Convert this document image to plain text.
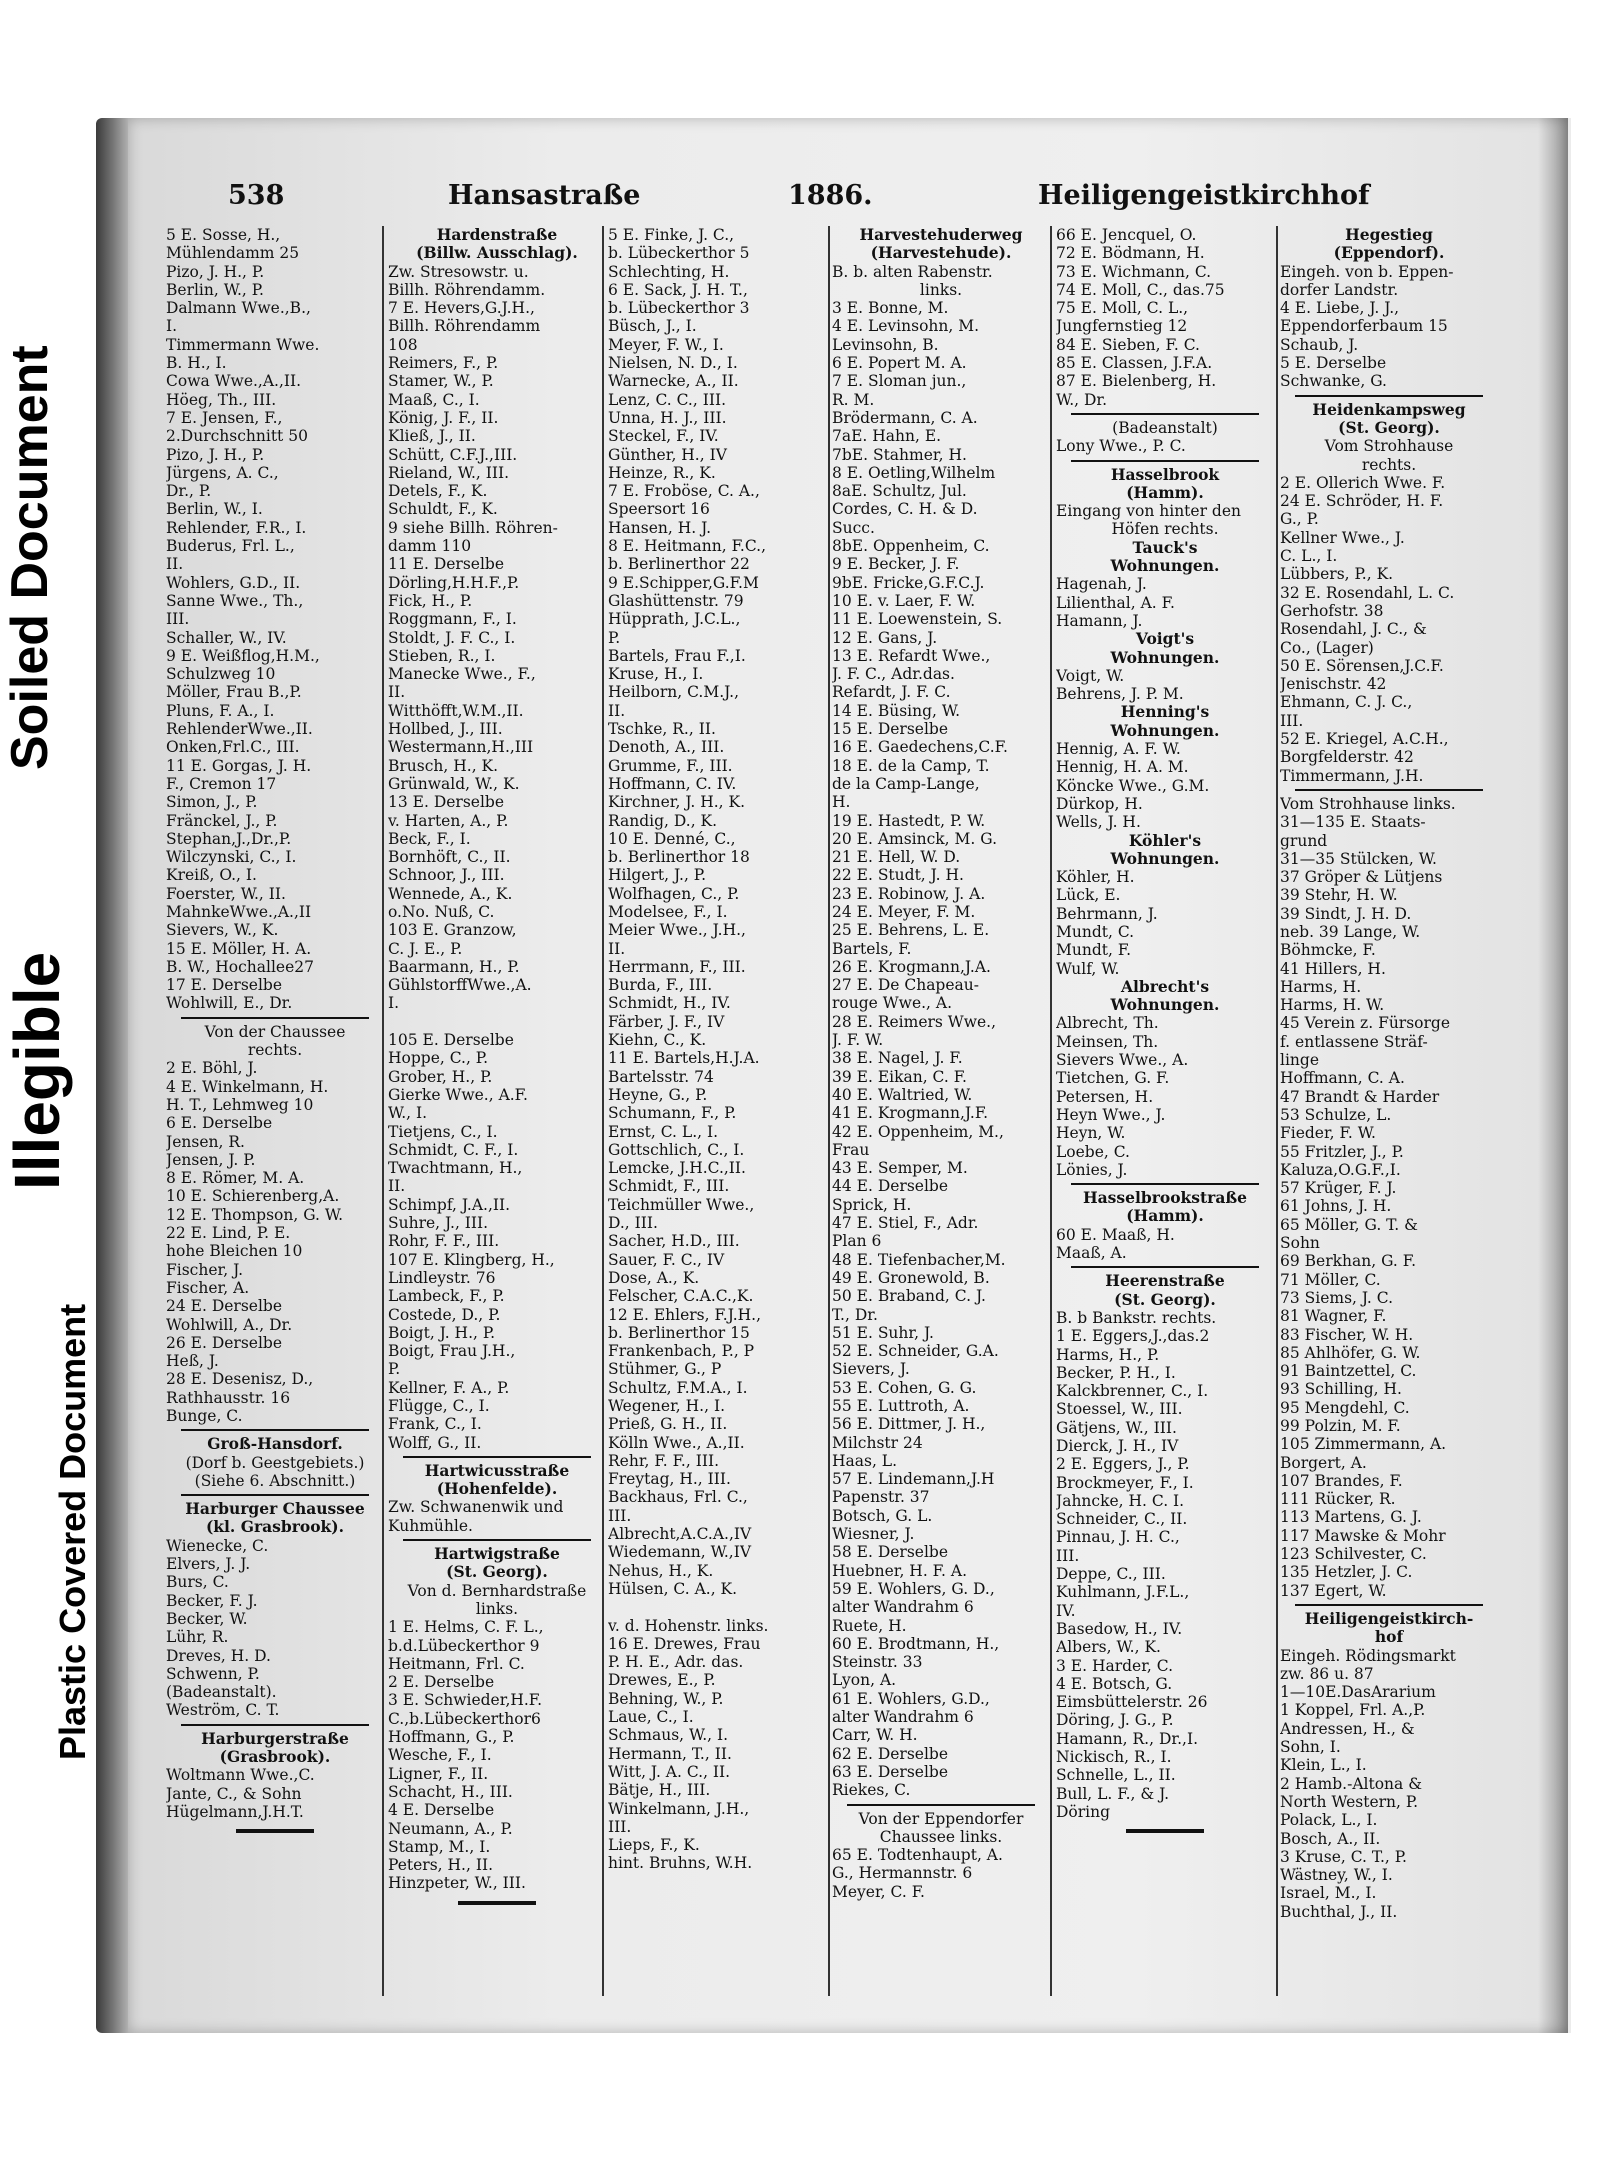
Soiled Document
Illegible
Plastic Covered Document
538	Hansastraße	1886.	Heiligengeistkirchhof
5 E. Sosse, H.,
Mühlendamm 25
Pizo, J. H., P.
Berlin, W., P.
Dalmann Wwe.,B.,
I.
Timmermann Wwe.
B. H., I.
Cowa Wwe.,A.,II.
Höeg, Th., III.
7 E. Jensen, F.,
2.Durchschnitt 50
Pizo, J. H., P.
Jürgens, A. C.,
Dr., P.
Berlin, W., I.
Rehlender, F.R., I.
Buderus, Frl. L.,
II.
Wohlers, G.D., II.
Sanne Wwe., Th.,
III.
Schaller, W., IV.
9 E. Weißflog,H.M.,
Schulzweg 10
Möller, Frau B.,P.
Pluns, F. A., I.
RehlenderWwe.,II.
Onken,Frl.C., III.
11 E. Gorgas, J. H.
F., Cremon 17
Simon, J., P.
Fränckel, J., P.
Stephan,J.,Dr.,P.
Wilczynski, C., I.
Kreiß, O., I.
Foerster, W., II.
MahnkeWwe.,A.,II
Sievers, W., K.
15 E. Möller, H. A.
B. W., Hochallee27
17 E. Derselbe
Wohlwill, E., Dr.
Von der Chaussee
rechts.
2 E. Böhl, J.
4 E. Winkelmann, H.
H. T., Lehmweg 10
6 E. Derselbe
Jensen, R.
Jensen, J. P.
8 E. Römer, M. A.
10 E. Schierenberg,A.
12 E. Thompson, G. W.
22 E. Lind, P. E.
hohe Bleichen 10
Fischer, J.
Fischer, A.
24 E. Derselbe
Wohlwill, A., Dr.
26 E. Derselbe
Heß, J.
28 E. Desenisz, D.,
Rathhausstr. 16
Bunge, C.
Groß-Hansdorf.
(Dorf b. Geestgebiets.)
(Siehe 6. Abschnitt.)
Harburger Chaussee
(kl. Grasbrook).
Wienecke, C.
Elvers, J. J.
Burs, C.
Becker, F. J.
Becker, W.
Lühr, R.
Dreves, H. D.
Schwenn, P.
(Badeanstalt).
Weström, C. T.
Harburgerstraße
(Grasbrook).
Woltmann Wwe.,C.
Jante, C., & Sohn
Hügelmann,J.H.T.
Hardenstraße
(Billw. Ausschlag).
Zw. Stresowstr. u.
Billh. Röhrendamm.
7 E. Hevers,G.J.H.,
Billh. Röhrendamm
108
Reimers, F., P.
Stamer, W., P.
Maaß, C., I.
König, J. F., II.
Kließ, J., II.
Schütt, C.F.J.,III.
Rieland, W., III.
Detels, F., K.
Schuldt, F., K.
9 siehe Billh. Röhren-
damm 110
11 E. Derselbe
Dörling,H.H.F.,P.
Fick, H., P.
Roggmann, F., I.
Stoldt, J. F. C., I.
Stieben, R., I.
Manecke Wwe., F.,
II.
Witthöfft,W.M.,II.
Hollbed, J., III.
Westermann,H.,III
Brusch, H., K.
Grünwald, W., K.
13 E. Derselbe
v. Harten, A., P.
Beck, F., I.
Bornhöft, C., II.
Schnoor, J., III.
Wennede, A., K.
o.No. Nuß, C.
103 E. Granzow,
C. J. E., P.
Baarmann, H., P.
GühlstorffWwe.,A.
I.

105 E. Derselbe
Hoppe, C., P.
Grober, H., P.
Gierke Wwe., A.F.
W., I.
Tietjens, C., I.
Schmidt, C. F., I.
Twachtmann, H.,
II.
Schimpf, J.A.,II.
Suhre, J., III.
Rohr, F. F., III.
107 E. Klingberg, H.,
Lindleystr. 76
Lambeck, F., P.
Costede, D., P.
Boigt, J. H., P.
Boigt, Frau J.H.,
P.
Kellner, F. A., P.
Flügge, C., I.
Frank, C., I.
Wolff, G., II.
Hartwicusstraße
(Hohenfelde).
Zw. Schwanenwik und
Kuhmühle.
Hartwigstraße
(St. Georg).
Von d. Bernhardstraße
links.
1 E. Helms, C. F. L.,
b.d.Lübeckerthor 9
Heitmann, Frl. C.
2 E. Derselbe
3 E. Schwieder,H.F.
C.,b.Lübeckerthor6
Hoffmann, G., P.
Wesche, F., I.
Ligner, F., II.
Schacht, H., III.
4 E. Derselbe
Neumann, A., P.
Stamp, M., I.
Peters, H., II.
Hinzpeter, W., III.
5 E. Finke, J. C.,
b. Lübeckerthor 5
Schlechting, H.
6 E. Sack, J. H. T.,
b. Lübeckerthor 3
Büsch, J., I.
Meyer, F. W., I.
Nielsen, N. D., I.
Warnecke, A., II.
Lenz, C. C., III.
Unna, H. J., III.
Steckel, F., IV.
Günther, H., IV
Heinze, R., K.
7 E. Froböse, C. A.,
Speersort 16
Hansen, H. J.
8 E. Heitmann, F.C.,
b. Berlinerthor 22
9 E.Schipper,G.F.M
Glashüttenstr. 79
Hüpprath, J.C.L.,
P.
Bartels, Frau F.,I.
Kruse, H., I.
Heilborn, C.M.J.,
II.
Tschke, R., II.
Denoth, A., III.
Grumme, F., III.
Hoffmann, C. IV.
Kirchner, J. H., K.
Randig, D., K.
10 E. Denné, C.,
b. Berlinerthor 18
Hilgert, J., P.
Wolfhagen, C., P.
Modelsee, F., I.
Meier Wwe., J.H.,
II.
Herrmann, F., III.
Burda, F., III.
Schmidt, H., IV.
Färber, J. F., IV
Kiehn, C., K.
11 E. Bartels,H.J.A.
Bartelsstr. 74
Heyne, G., P.
Schumann, F., P.
Ernst, C. L., I.
Gottschlich, C., I.
Lemcke, J.H.C.,II.
Schmidt, F., III.
Teichmüller Wwe.,
D., III.
Sacher, H.D., III.
Sauer, F. C., IV
Dose, A., K.
Felscher, C.A.C.,K.
12 E. Ehlers, F.J.H.,
b. Berlinerthor 15
Frankenbach, P., P
Stühmer, G., P
Schultz, F.M.A., I.
Wegener, H., I.
Prieß, G. H., II.
Kölln Wwe., A.,II.
Rehr, F. F., III.
Freytag, H., III.
Backhaus, Frl. C.,
III.
Albrecht,A.C.A.,IV
Wiedemann, W.,IV
Nehus, H., K.
Hülsen, C. A., K.

v. d. Hohenstr. links.
16 E. Drewes, Frau
P. H. E., Adr. das.
Drewes, E., P.
Behning, W., P.
Laue, C., I.
Schmaus, W., I.
Hermann, T., II.
Witt, J. A. C., II.
Bätje, H., III.
Winkelmann, J.H.,
III.
Lieps, F., K.
hint. Bruhns, W.H.
Harvestehuderweg
(Harvestehude).
B. b. alten Rabenstr.
links.
3 E. Bonne, M.
4 E. Levinsohn, M.
Levinsohn, B.
6 E. Popert M. A.
7 E. Sloman jun.,
R. M.
Brödermann, C. A.
7aE. Hahn, E.
7bE. Stahmer, H.
8 E. Oetling,Wilhelm
8aE. Schultz, Jul.
Cordes, C. H. & D.
Succ.
8bE. Oppenheim, C.
9 E. Becker, J. F.
9bE. Fricke,G.F.C.J.
10 E. v. Laer, F. W.
11 E. Loewenstein, S.
12 E. Gans, J.
13 E. Refardt Wwe.,
J. F. C., Adr.das.
Refardt, J. F. C.
14 E. Büsing, W.
15 E. Derselbe
16 E. Gaedechens,C.F.
18 E. de la Camp, T.
de la Camp-Lange,
H.
19 E. Hastedt, P. W.
20 E. Amsinck, M. G.
21 E. Hell, W. D.
22 E. Studt, J. H.
23 E. Robinow, J. A.
24 E. Meyer, F. M.
25 E. Behrens, L. E.
Bartels, F.
26 E. Krogmann,J.A.
27 E. De Chapeau-
rouge Wwe., A.
28 E. Reimers Wwe.,
J. F. W.
38 E. Nagel, J. F.
39 E. Eikan, C. F.
40 E. Waltried, W.
41 E. Krogmann,J.F.
42 E. Oppenheim, M.,
Frau
43 E. Semper, M.
44 E. Derselbe
Sprick, H.
47 E. Stiel, F., Adr.
Plan 6
48 E. Tiefenbacher,M.
49 E. Gronewold, B.
50 E. Braband, C. J.
T., Dr.
51 E. Suhr, J.
52 E. Schneider, G.A.
Sievers, J.
53 E. Cohen, G. G.
55 E. Luttroth, A.
56 E. Dittmer, J. H.,
Milchstr 24
Haas, L.
57 E. Lindemann,J.H
Papenstr. 37
Botsch, G. L.
Wiesner, J.
58 E. Derselbe
Huebner, H. F. A.
59 E. Wohlers, G. D.,
alter Wandrahm 6
Ruete, H.
60 E. Brodtmann, H.,
Steinstr. 33
Lyon, A.
61 E. Wohlers, G.D.,
alter Wandrahm 6
Carr, W. H.
62 E. Derselbe
63 E. Derselbe
Riekes, C.
Von der Eppendorfer
Chaussee links.
65 E. Todtenhaupt, A.
G., Hermannstr. 6
Meyer, C. F.
66 E. Jencquel, O.
72 E. Bödmann, H.
73 E. Wichmann, C.
74 E. Moll, C., das.75
75 E. Moll, C. L.,
Jungfernstieg 12
84 E. Sieben, F. C.
85 E. Classen, J.F.A.
87 E. Bielenberg, H.
W., Dr.
(Badeanstalt)
Lony Wwe., P. C.
Hasselbrook
(Hamm).
Eingang von hinter den
Höfen rechts.
Tauck's
Wohnungen.
Hagenah, J.
Lilienthal, A. F.
Hamann, J.
Voigt's
Wohnungen.
Voigt, W.
Behrens, J. P. M.
Henning's
Wohnungen.
Hennig, A. F. W.
Hennig, H. A. M.
Köncke Wwe., G.M.
Dürkop, H.
Wells, J. H.
Köhler's
Wohnungen.
Köhler, H.
Lück, E.
Behrmann, J.
Mundt, C.
Mundt, F.
Wulf, W.
Albrecht's
Wohnungen.
Albrecht, Th.
Meinsen, Th.
Sievers Wwe., A.
Tietchen, G. F.
Petersen, H.
Heyn Wwe., J.
Heyn, W.
Loebe, C.
Lönies, J.
Hasselbrookstraße
(Hamm).
60 E. Maaß, H.
Maaß, A.
Heerenstraße
(St. Georg).
B. b Bankstr. rechts.
1 E. Eggers,J.,das.2
Harms, H., P.
Becker, P. H., I.
Kalckbrenner, C., I.
Stoessel, W., III.
Gätjens, W., III.
Dierck, J. H., IV
2 E. Eggers, J., P.
Brockmeyer, F., I.
Jahncke, H. C. I.
Schneider, C., II.
Pinnau, J. H. C.,
III.
Deppe, C., III.
Kuhlmann, J.F.L.,
IV.
Basedow, H., IV.
Albers, W., K.
3 E. Harder, C.
4 E. Botsch, G.
Eimsbüttelerstr. 26
Döring, J. G., P.
Hamann, R., Dr.,I.
Nickisch, R., I.
Schnelle, L., II.
Bull, L. F., & J.
Döring
Hegestieg
(Eppendorf).
Eingeh. von b. Eppen-
dorfer Landstr.
4 E. Liebe, J. J.,
Eppendorferbaum 15
Schaub, J.
5 E. Derselbe
Schwanke, G.
Heidenkampsweg
(St. Georg).
Vom Strohhause
rechts.
2 E. Ollerich Wwe. F.
24 E. Schröder, H. F.
G., P.
Kellner Wwe., J.
C. L., I.
Lübbers, P., K.
32 E. Rosendahl, L. C.
Gerhofstr. 38
Rosendahl, J. C., &
Co., (Lager)
50 E. Sörensen,J.C.F.
Jenischstr. 42
Ehmann, C. J. C.,
III.
52 E. Kriegel, A.C.H.,
Borgfelderstr. 42
Timmermann, J.H.
Vom Strohhause links.
31—135 E. Staats-
grund
31—35 Stülcken, W.
37 Gröper & Lütjens
39 Stehr, H. W.
39 Sindt, J. H. D.
neb. 39 Lange, W.
Böhmcke, F.
41 Hillers, H.
Harms, H.
Harms, H. W.
45 Verein z. Fürsorge
f. entlassene Sträf-
linge
Hoffmann, C. A.
47 Brandt & Harder
53 Schulze, L.
Fieder, F. W.
55 Fritzler, J., P.
Kaluza,O.G.F.,I.
57 Krüger, F. J.
61 Johns, J. H.
65 Möller, G. T. &
Sohn
69 Berkhan, G. F.
71 Möller, C.
73 Siems, J. C.
81 Wagner, F.
83 Fischer, W. H.
85 Ahlhöfer, G. W.
91 Baintzettel, C.
93 Schilling, H.
95 Mengdehl, C.
99 Polzin, M. F.
105 Zimmermann, A.
Borgert, A.
107 Brandes, F.
111 Rücker, R.
113 Martens, G. J.
117 Mawske & Mohr
123 Schilvester, C.
135 Hetzler, J. C.
137 Egert, W.
Heiligengeistkirch-
hof
Eingeh. Rödingsmarkt
zw. 86 u. 87
1—10E.DasArarium
1 Koppel, Frl. A.,P.
Andressen, H., &
Sohn, I.
Klein, L., I.
2 Hamb.-Altona &
North Western, P.
Polack, L., I.
Bosch, A., II.
3 Kruse, C. T., P.
Wästney, W., I.
Israel, M., I.
Buchthal, J., II.
